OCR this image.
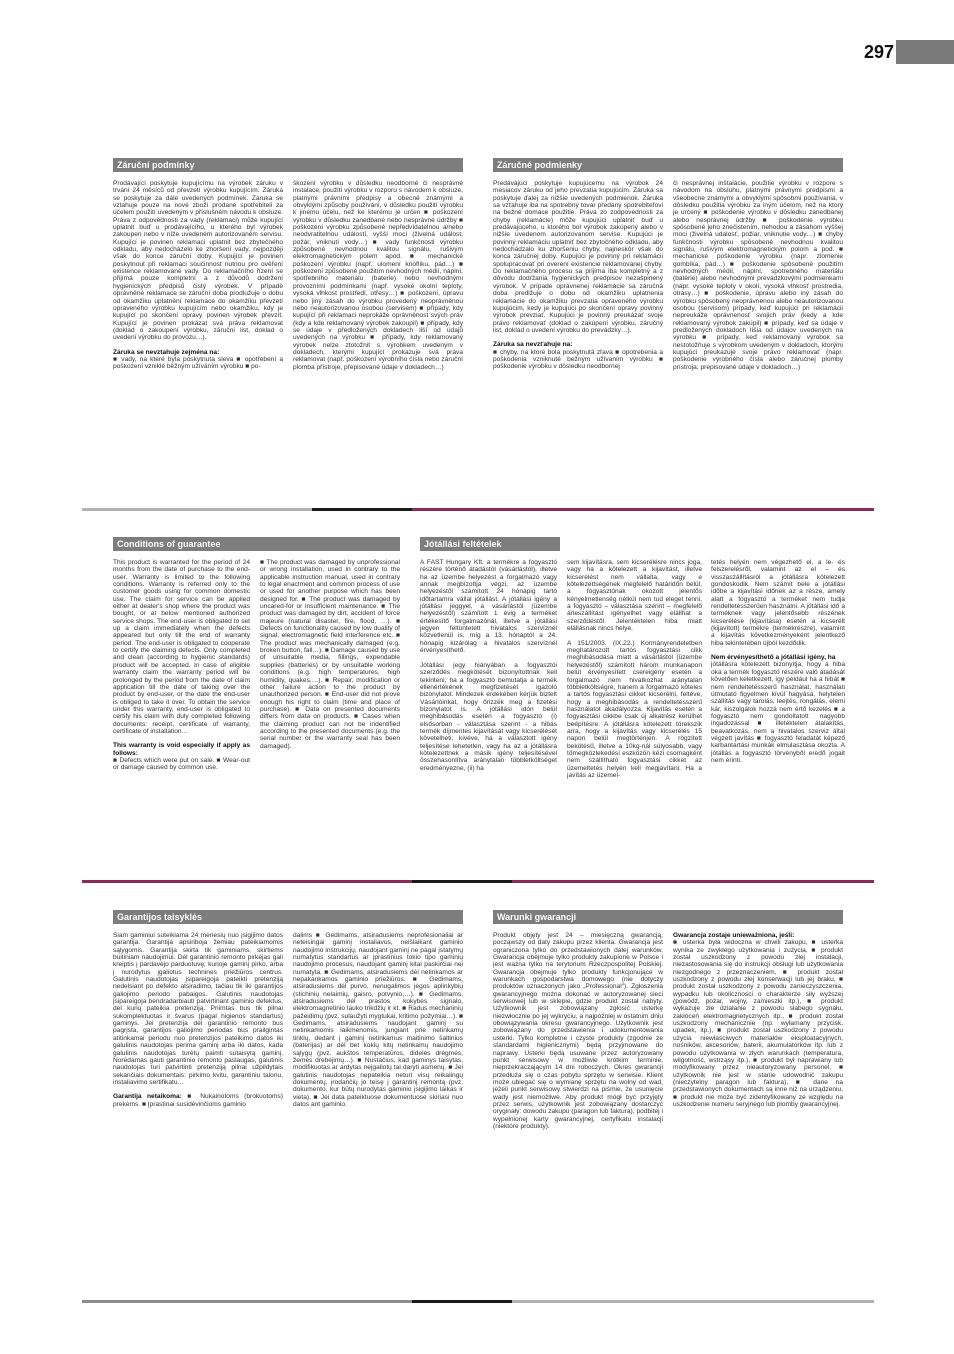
297
Záruční podmínky

Prodávající poskytuje kupujícímu na výrobek záruku v trvání 24 měsíců od převzetí výrobku kupujícím. Záruka se poskytuje za dále uvedených podmínek. Záruka se vztahuje pouze na nové zboží prodané spotřebiteli za účelem použití uvedeným v příslušném návodu k obsluze. Práva z odpovědnosti za vady (reklamaci) může kupující uplatnit buď u prodávajícího, u kterého byl výrobek zakoupen nebo v níže uvedeném autorizovaném servisu. Kupující je povinen reklamaci uplatnit bez zbytečného odkladu, aby nedocházelo ke zhoršení vady, nejpozději však do konce záruční doby. Kupující je povinen poskytnout při reklamaci součinnost nutnou pro ověření existence reklamované vady. Do reklamačního řízení se přijímá pouze kompletní a z důvodů dodržení hygienických předpisů čistý výrobek. V případě oprávněné reklamace se záruční doba prodlužuje o dobu od okamžiku uplatnění reklamace do okamžiku převzetí opraveného výrobku kupujícím nebo okamžiku, kdy je kupující po skončení opravy povinen výrobek převzít. Kupující je povinen prokázat svá práva reklamovat (doklad o zakoupení výrobku, záruční list, doklad o uvedení výrobku do provozu…).

Záruka se nevztahuje zejména na:
■ vady, na které byla poskytnuta sleva ■ opotřebení a poškození vzniklé běžným užíváním výrobku ■ po-
škození výrobku v důsledku neodborné či nesprávné instalace, použití výrobku v rozporu s návodem k obsluze, platnými právními předpisy a obecně známými a obvyklými způsoby používání, v důsledku použití výrobku k jinému účelu, než ke kterému je určen ■ poškození výrobku v důsledku zanedbané nebo nesprávné údržby ■ poškození výrobku způsobené nepředvídatelnou a/nebo neodvratitelnou událostí, vyšší mocí (živelná událost, požár, vniknutí vody…) ■ vady funkčnosti výrobku způsobené nevhodnou kvalitou signálu, rušivým elektromagnetickým polem apod. ■ mechanické poškození výrobku (např. ulomení knoflíku, pád…) ■ poškození způsobené použitím nevhodných médií, náplní, spotřebního materiálu (baterie) nebo nevhodnými provozními podmínkami (např. vysoké okolní teploty, vysoká vlhkost prostředí, otřesy…) ■ poškození, úpravu nebo jiný zásah do výrobku provedený neoprávněnou nebo neautorizovanou osobou (servisem) ■ případy, kdy kupující při reklamaci neprokáže oprávněnost svých práv (kdy a kde reklamovaný výrobek zakoupil) ■ případy, kdy se údaje v předložených dokladech liší od údajů uvedených na výrobku ■ případy, kdy reklamovaný výrobek nelze ztotožnit s výrobkem uvedeným v dokladech, kterými kupující prokazuje svá práva reklamovat (např. poškození výrobního čísla nebo záruční plomba přístroje, přepisované údaje v dokladech…)
Záručné podmienky

Predávajúci poskytuje kupujúcemu na výrobok 24 mesiacov záruku od jeho prevzatia kupujúcim. Záruka sa poskytuje ďalej za nižšie uvedených podmienok. Záruka sa vzťahuje iba na spotrebný tovar predaný spotrebiteľovi na bežné domáce použitie. Práva zo zodpovednosti za chyby (reklamácie) môže kupujúci uplatniť buď u predávajúceho, u ktorého bol výrobok zakúpený alebo v nižšie uvedenom autorizovanom servise. Kupujúci je povinný reklamáciu uplatniť bez zbytočného odkladu, aby nedochádzalo ku zhoršeniu chyby, najneskôr však do konca záručnej doby. Kupujúci je povinný pri reklamácii spolupracovať pri overení existencie reklamovanej chyby. Do reklamačného procesu sa prijíma iba kompletný a z dôvodu dodržania hygienických predpisov nezašpinený výrobok. V prípade oprávnenej reklamácie sa záručná doba predlžuje o dobu od okamžiku uplatnenia reklamácie do okamžiku prevzatia opraveného výrobku kupujúcim, kedy je kupujúci po skončení opravy povinný výrobok prevziať. Kupujúci je povinný preukázať svoje právo reklamovať (doklad o zakúpení výrobku, záručný list, doklad o uvedení výrobku do prevádzky…).

Záruka sa nevzťahuje na:
■ chyby, na ktoré bola poskytnutá zľava ■ opotrebenia a poškodenia vzniknuté bežným užívaním výrobku ■ poškodenie výrobku v dôsledku neodbornej
či nesprávnej inštalácie, použitie výrobku v rozpore s návodom na obsluhu, platnými právnymi predpismi a všeobecne známymi a obvyklými spôsobmi používania, v dôsledku použitia výrobku za iným účelom, než na ktorý je určený ■ poškodenie výrobku v dôsledku zanedbanej alebo nesprávnej údržby ■ poškodenie výrobku spôsobené jeho znečistením, nehodou a zásahom vyššej moci (živelná udalosť, požiar, vniknutie vody…) ■ chyby funkčnosti výrobku spôsobené nevhodnou kvalitou signálu, rušivým elektromagnetickým polom a pod. ■ mechanické poškodenie výrobku (napr. zlomenie gombíka, pád…) ■ poškodenie spôsobené použitím nevhodných médií, náplní, spotrebného materiálu (batérie) alebo nevhodnými prevádzkovými podmienkami (napr. vysoké teploty v okolí, vysoká vlhkosť prostredia, otrasy…) ■ poškodenie, úpravu alebo iný zásah do výrobku spôsobený neoprávnenou alebo neautorizovanou osobou (servisom) prípady, keď kupujúci pri reklamácii nepreukáže oprávnenosť svojich práv (kedy a kde reklamovaný výrobok zakúpil) ■ prípady, keď sa údaje v predložených dokladoch líšia od údajov uvedených na výrobku ■ prípady, keď reklamovaný výrobok sa nestotožňuje s výrobkom uvedeným v dokladoch, ktorými kupujúci preukazuje svoje právo reklamovať (napr. poškodenie výrobného čísla alebo záručnej plomby prístroja, prepisované údaje v dokladoch…)
Conditions of guarantee

This product is warranted for the period of 24 months from the date of purchase to the end-user. Warranty is limited to the following conditions. Warranty is referred only to the customer goods using for common domestic use. The claim for service can be applied either at dealer's shop where the product was bought, or at below mentioned authorized service shops. The end-user is obligated to set up a claim immediately when the defects appeared but only till the end of warranty period. The end-user is obligated to cooperate to certify the claiming defects. Only completed and clean (according to hygienic standards) product will be accepted. In case of eligible warranty claim the warranty period will be prolonged by the period from the date of claim application till the date of taking over the product by end-user, or the date the end-user is obliged to take it over. To obtain the service under this warranty, end-user is obligated to certify his claim with duly completed following documents: receipt, certificate of warranty, certificate of installation…

This warranty is void especially if apply as follows:
■ Defects which were put on sale. ■ Wear-out or damage caused by common use.
■ The product was damaged by unprofessional or wrong installation, used in contrary to the applicable instruction manual, used in contrary to legal enactment and common process of use or used for another purpose which has been designed for. ■ The product was damaged by uncared-for or insufficient maintenance. ■ The product was damaged by dirt, accident of force majeure (natural disaster, fire, flood, …). ■ Defects on functionality caused by low duality of signal, electromagnetic field interference etc. ■ The product was mechanically damaged (e.g. broken button, fall…). ■ Damage caused by use of unsuitable media, fillings, expendable supplies (batteries) or by unsuitable working conditions (e.g. high temperatures, high humidity, quakes,…). ■ Repair, modification or other failure action to the product by unauthorized person. ■ End-user did not prove enough his right to claim (time and place of purchase). ■ Data on presented documents differs from data on products. ■ Cases when the claiming product can not be indentified according to the presented documents (e.g. the serial number or the warranty seal has been damaged).
Jótállási feltételek
A FAST Hungary Kft. a termékre a fogyasztó részére történő átadástól (vásárlástól), illetve ha az üzembe helyezést a forgalmazó vagy annak megbízottja végzi, az üzembe helyezéstől számított 24 hónapig tartó időtartamra vállal jótállást. A jótállási igény a jótállási jeggyel, a vásárlástól (üzembe helyezéstől) számított 1 évig a terméket értékesítő forgalmazónál, illetve a jótállási jegyen feltüntetett hivatalos szervíznél közvetlenül is, míg a 13. hónaptól a 24. hónapig kizárólag a hivatalos szervíznél érvényesíthető.

Jótállási jegy hiányában a fogyasztói szerződés megkötését bizonyítottnak kell tekinteni, ha a fogyasztó bemutatja a termék ellenértékének megfizetését igazoló bizonylatot. Mindezek érdekében kérjük biztelt Vásárlóinkat, hogy őrizzék meg a fizetési bizonylatot is. A jótállási idón belül meghibásodás esetén a fogyasztó (i) elsősorban - választása szerint - a hibás termék díjmentes kijavítását vagy kicserélését követelheti, kivéve, ha a választott igény teljesítése lehetetlen, vagy ha az a jótállásra kötelezettnek a másik igény teljesítésével összehasonlítva aránytalan többletköltséget eredményezne, (ii) ha
sem kijavításra, sem kicserélésre nincs joga, vagy ha a kötelezett a kijavítást, illetve kicserélést nem vállalta, vagy e kötelezettségének megfelelő határidőn belül, a fogyasztónak okozott jelentős kényelmetlenség nélkül nem tud eleget tenni, a fogyasztó – választása szerint – megfelelő árleszállítást igényelhet vagy elállhat a szerződéstől. Jelentéktelen hiba miatt elállásnak nincs helye.

A 151/2003. (IX.22.) Kormányrendeletben meghatározott tartós fogyasztási cikk meghibásodása miatt a vásárlástól (üzembe helyezéstől) számított három munkanapon belül érvényesített csereigény esetén a forgalmazó nem hivatkozhat aránytalan többletköltségre, hanem a forgalmazó köteles a tartós fogyasztási cikket kicserélni, feltéve, hogy a meghibásodás a rendeltetésszerű használatot akadályozza. Kijavítás esetén a fogyasztási cikkbe csak új alkatrész kerülhet beépítésre. A jótállásra kötelezett törekszik arra, hogy a kijavítás vagy kicserélés 15 napon belül megtörténjen. A rögzített bekötésű, illetve a 10kg-nál súlyosabb, vagy tömegközlekedési eszközön kézi csomagként nem szállítható fogyasztási cikket az üzemeltetés helyén kell megjavítani. Ha a javítás az üzemel-

tetés helyén nem végezhető el, a le- és felszerelésről, valamint az el – és visszaszállításról a jótállásra kötelezett gondoskodik. Nem számít bele a jótállási időbe a kijavítási időnek az a része, amely alatt a fogyasztó a terméket nem tudja rendeltetésszerűen használni. A jótállási idő a terméknek vagy jelentősebb részének kicserélése (kijavítása) esetén a kicserélt (kijavított) termékre (termékrészre), valamint a kijavítás következményeként jelentkező hiba tekintetében újból kezdődik.

Nem érvényesíthető a jótállási igény, ha
jótállásra kötelezett bizonyítja, hogy a hiba oka a termék fogyasztó részére való átadását követően keletkezett, így például ha a hibát ■ nem rendeltetésszerű használat, használati útmutató figyelmen kívül hagyása, helytelen szállítás vagy tárolás, leejtés, rongálás, elemi kár, kiszolgálok hozzá nem értő kezelés ■ a fogyasztó nem gondoltatott nagyobb ingadozással ■ illetéktelen átalakítás, beavatkozás, nem a hivatalos szerviz által végzett javítás ■ fogyasztó feladatát képező karbantartási munkák elmulasztása okozta. A jótállás a fogyasztó törvényből eredő jogait nem érinti.
Garantijos taisyklės

Šiam gaminiui suteikiama 24 mėnesių nuo įsigijimo datos garantija. Garantija apsiriboja žemiau pateikiamomis sąlygomis. Garantija skirta tik gaminiams, skirtiems buitiniam naudojimui. Dėl garantinio remonto pirkėjas gali kreiptis į pardavėjo parduotuvę, kurioje gaminį pirko, arba į nurodytus įgaliotus technines priežiūros centrus. Galutinis naudotojas įsipareigoja pateikti pretenziją nedelsiant po defekto atsiradimo, tačiau tik iki garantijos galiojimo periodo pabaigos. Galutinis naudotojas įsipareigoja bendradarbiauti patvirtinant gaminio defektus, dėl kurių pateikia pretenziją. Priimtas bus tik pilnai sukomplektuotas ir švarus (pagal higienos standartus) gaminys. Jei pretenzija dėl garantinio remonto bus pagrįsta, garantijos galiojimo periodas bus prailgintas atitinkamai periodu nuo pretenzijos pateikimo datos iki galutinis naudotojas perima gaminį arba iki datos, kada galutinis naudotojas turėtų paimti sutaisytą gaminį. Norėdamas gauti garantinio remonto paslaugas, galutinis naudotojas turi patvirtinti pretenziją pilnai užpildytais sekančiais dokumentais: pirkimo kvitu, garantiniu talonu, instaliavimo sertifikatu…

Garantija netaikoma: ■ Nukainotoms (brokuotoms) prekėms. ■ Įprastinai susidėvinčioms gaminio
dalims ■ Gedimams, atsiradusiems neprofesionaliai ar neteisingai gaminį instaliavus, neišlaikant gaminio naudojimo instrukcijų, naudojant gaminį ne pagal įstatymų numatytus standartus ar įprastinius tokio tipo gaminių naudojimo procesus, naudojant gaminį kitai paskirčiai nei numatyta. ■ Gedimams, atsiradusiems dėl netinkamos ar nepakankamos gaminio priežiūros. ■ Gedimams, atsiradusiems dėl purvo, nenugalimos jėgos aplinkybių (stichinių nelaimių, gaisro, potvynio,…). ■ Gedimams, atsiradusiems dėl prastos kokybės signalo, elektromagnetinio lauko trikdžių ir kt. ■ Radus mechaninių pažeidimų (pvz. sulaužyti mygtukai, kritimo požymiai…). ■ Gedimams, atsiradusiems naudojant gaminį su netinkamomis laikmenomis, jungiant prie netinkamų tinklų, dedant į gaminį netinkamus maitinimo šaltinius (baterijas) ar dėl bet kokių kitų netinkamų naudojimo sąlygų (pvz. aukštos temperatūros, didelės drėgmės, žemės drebėjimų…). ■ Nustačius, kad gaminys taisytas, modifikuotas ar ardytas neįgaliotų tai daryti asmenų. ■ Jei galutinis naudotojas nepateikia neturi visų reikalingų dokumentų, įrodančių jo teisę į garantinį remontą (pvz. dokumento, kur būtų nurodytas gaminio įsigijimo laikas ir vieta). ■ Jei data pateiktuose dokumentuose skiriasi nuo datos ant gaminio.
Warunki gwarancji
Produkt objęty jest 24 – miesięczną gwarancją, począwszy od daty zakupu przez klienta. Gwarancja jest ograniczona tylko do przedstawionych dalej warunków. Gwarancja obejmuje tylko produkty zakupione w Polsce i jest ważna tylko na terytorium Rzeczpospolitej Polskiej. Gwarancja obejmuje tylko produkty funkcjonujące w warunkach gospodarstwa domowego (nie dotyczy produktów oznaczonych jako „Professional"). Zgłoszenia gwarancyjnego można dokonać w autoryzowanej sieci serwisowej lub w sklepie, gdzie produkt został nabyty. Użytkownik jest zobowiązany zgłosić usterkę niezwłocznie po jej wykryciu, a najpóźniej w ostatnim dniu obowiązywania okresu gwarancyjnego. Użytkownik jest zobowiązany do przedstawienia i udokumentowania usterki. Tylko kompletne i czyste produkty (zgodnie ze standardami higienicznymi) będą przyjmowane do naprawy. Usterki będą usuwane przez autoryzowany punkt serwisowy w możliwie krótkim terminie, nieprzekraczającym 14 dni roboczych. Okres gwarancji przedłuża się o czas pobytu sprzętu w serwisie. Klient może ubiegać się o wymianę sprzętu na wolny od wad, jeżeli punkt serwisowy stwierdzi na piśmie, że usunięcie wady jest niemożliwe. Aby produkt mógł być przyjęty przez serwis, użytkownik jest zobowiązany dostarczyć oryginały: dowodu zakupu (paragon lub faktura), podbitej i wypełnionej karty gwarancyjnej, certyfikatu instalacji (niektóre produkty).
Gwarancja zostaje unieważniona, jeśli:
■ usterka była widoczna w chwili zakupu, ■ usterka wynika ze zwykłego użytkowania i zużycia, ■ produkt został uszkodzony z powodu złej instalacji, niezastosowania się do instrukcji obsługi lub użytkowania niezgodnego z przeznaczeniem, ■ produkt został uszkodzony z powodu złej konserwacji lub jej braku, ■ produkt został uszkodzony z powodu zanieczyszczenia, wypadku lub okoliczności o charakterze siły wyższej (powódź, pożar, wojny, zamieszki itp.), ■ produkt wykazuje złe działanie z powodu słabego sygnału, zakłóceń elektromagnetycznych itp., ■ produkt został uszkodzony mechanicznie (np. wyłamany przycisk, upadek, itp.), ■ produkt został uszkodzony z powodu użycia niewłaściwych materiałów eksploatacyjnych, nośników, akcesoriów, baterii, akumulatorków itp. lub z powodu użytkowania w złych warunkach (temperatura, wilgotność, wstrząsy itp.), ■ produkt był naprawiany lub modyfikowany przez nieautoryzowany personel, ■ użytkownik nie jest w stanie udowodnić zakupu (nieczytelny paragon lub faktura), ■ dane na przedstawionych dokumentach są inne niż na urządzeniu, ■ produkt nie może być zidentyfikowany ze względu na uszkodzenie numeru seryjnego lub plomby gwarancyjnej.
